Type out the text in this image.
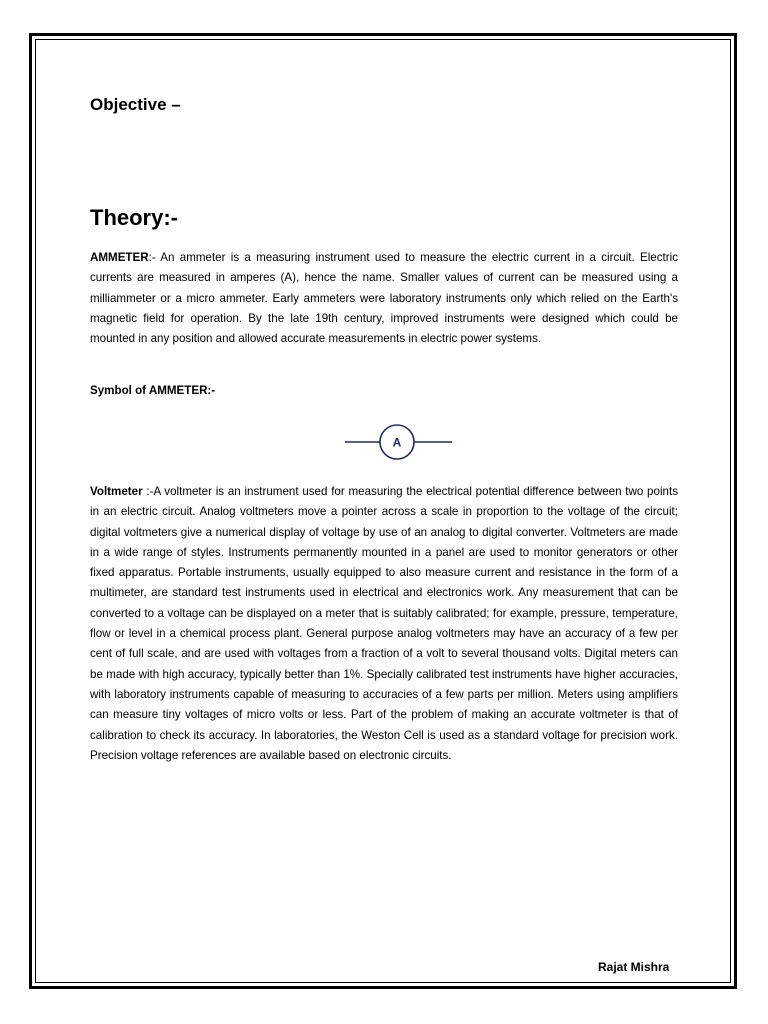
Objective –
Theory:-

AMMETER:- An ammeter is a measuring instrument used to measure the electric current in a circuit. Electric currents are measured in amperes (A), hence the name. Smaller values of current can be measured using a milliammeter or a micro ammeter. Early ammeters were laboratory instruments only which relied on the Earth's magnetic field for operation. By the late 19th century, improved instruments were designed which could be mounted in any position and allowed accurate measurements in electric power systems.

Symbol of AMMETER:-

A

Voltmeter :-A voltmeter is an instrument used for measuring the electrical potential difference between two points in an electric circuit. Analog voltmeters move a pointer across a scale in proportion to the voltage of the circuit; digital voltmeters give a numerical display of voltage by use of an analog to digital converter. Voltmeters are made in a wide range of styles. Instruments permanently mounted in a panel are used to monitor generators or other fixed apparatus. Portable instruments, usually equipped to also measure current and resistance in the form of a multimeter, are standard test instruments used in electrical and electronics work. Any measurement that can be converted to a voltage can be displayed on a meter that is suitably calibrated; for example, pressure, temperature, flow or level in a chemical process plant. General purpose analog voltmeters may have an accuracy of a few per cent of full scale, and are used with voltages from a fraction of a volt to several thousand volts. Digital meters can be made with high accuracy, typically better than 1%. Specially calibrated test instruments have higher accuracies, with laboratory instruments capable of measuring to accuracies of a few parts per million. Meters using amplifiers can measure tiny voltages of micro volts or less. Part of the problem of making an accurate voltmeter is that of calibration to check its accuracy. In laboratories, the Weston Cell is used as a standard voltage for precision work. Precision voltage references are available based on electronic circuits.

Rajat Mishra
